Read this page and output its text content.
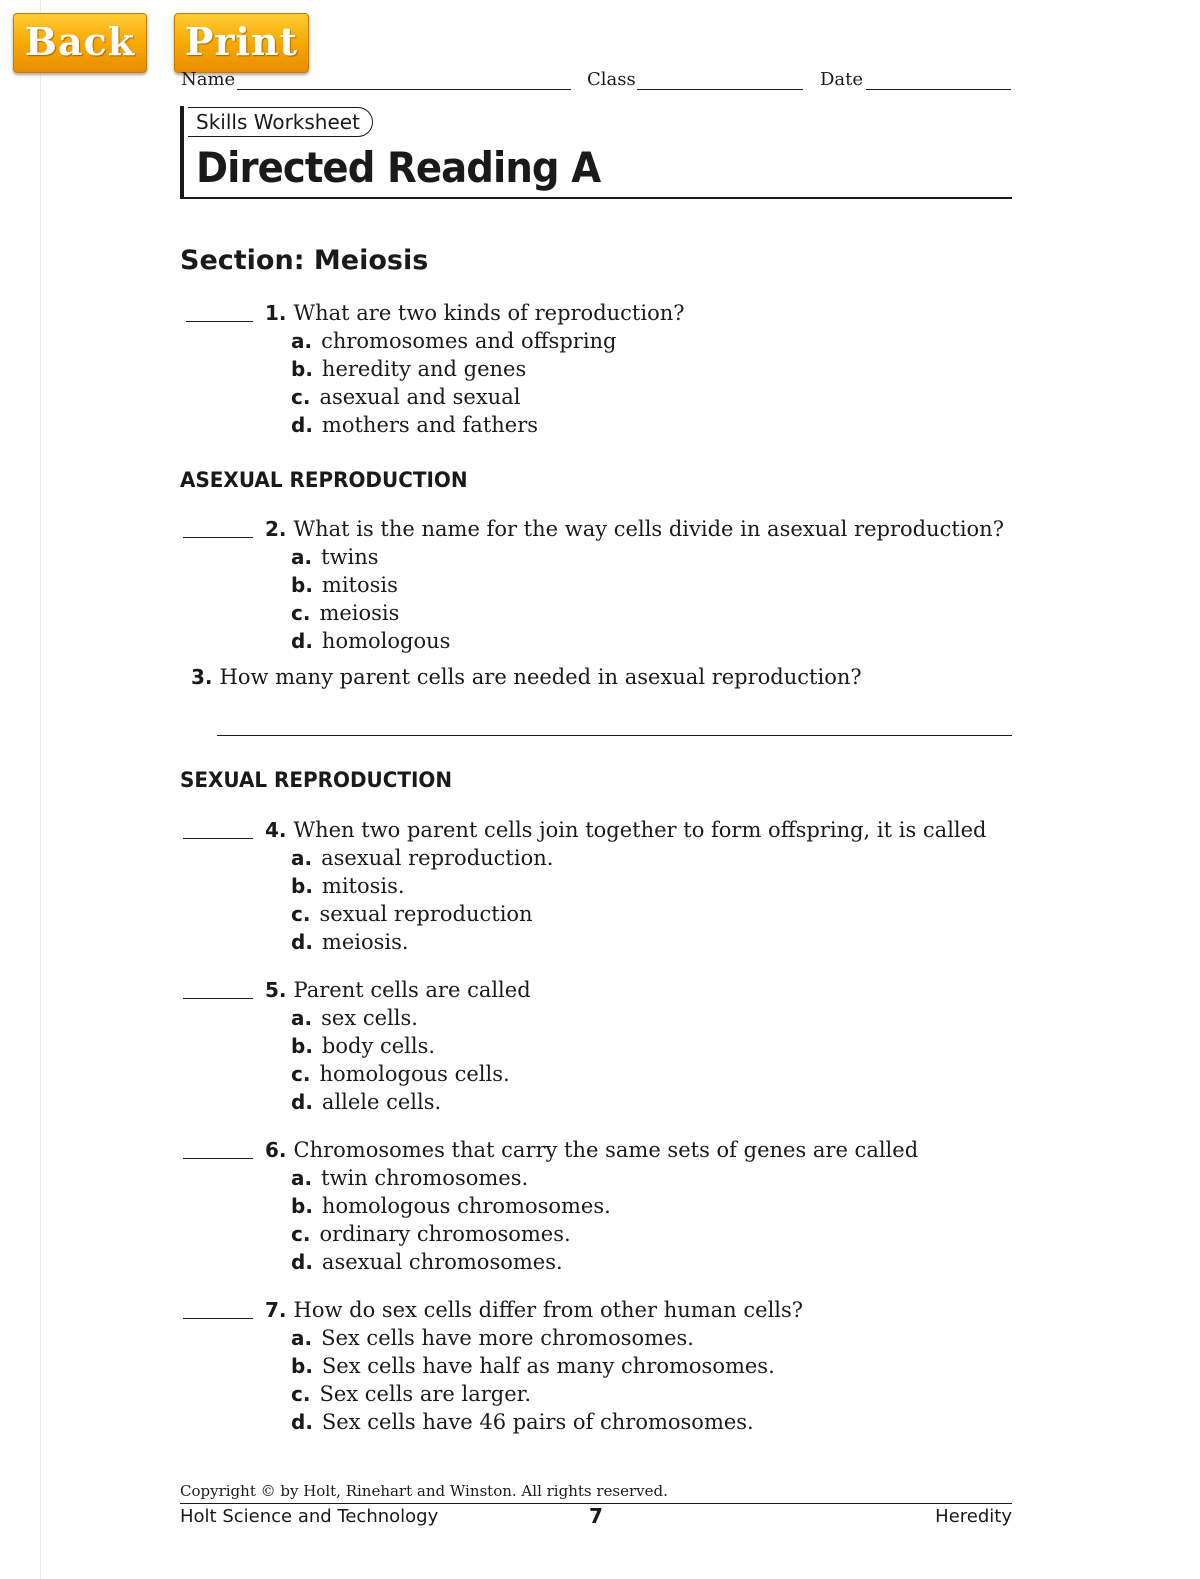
Back	Print
Name	Class	Date
Skills Worksheet
Directed Reading A
Section: Meiosis
1. What are two kinds of reproduction?
a. chromosomes and offspring
b. heredity and genes
c. asexual and sexual
d. mothers and fathers
ASEXUAL REPRODUCTION
2. What is the name for the way cells divide in asexual reproduction?
a. twins
b. mitosis
c. meiosis
d. homologous
3. How many parent cells are needed in asexual reproduction?
SEXUAL REPRODUCTION
4. When two parent cells join together to form offspring, it is called
a. asexual reproduction.
b. mitosis.
c. sexual reproduction
d. meiosis.
5. Parent cells are called
a. sex cells.
b. body cells.
c. homologous cells.
d. allele cells.
6. Chromosomes that carry the same sets of genes are called
a. twin chromosomes.
b. homologous chromosomes.
c. ordinary chromosomes.
d. asexual chromosomes.
7. How do sex cells differ from other human cells?
a. Sex cells have more chromosomes.
b. Sex cells have half as many chromosomes.
c. Sex cells are larger.
d. Sex cells have 46 pairs of chromosomes.
Copyright © by Holt, Rinehart and Winston. All rights reserved.
Holt Science and Technology	7	Heredity
